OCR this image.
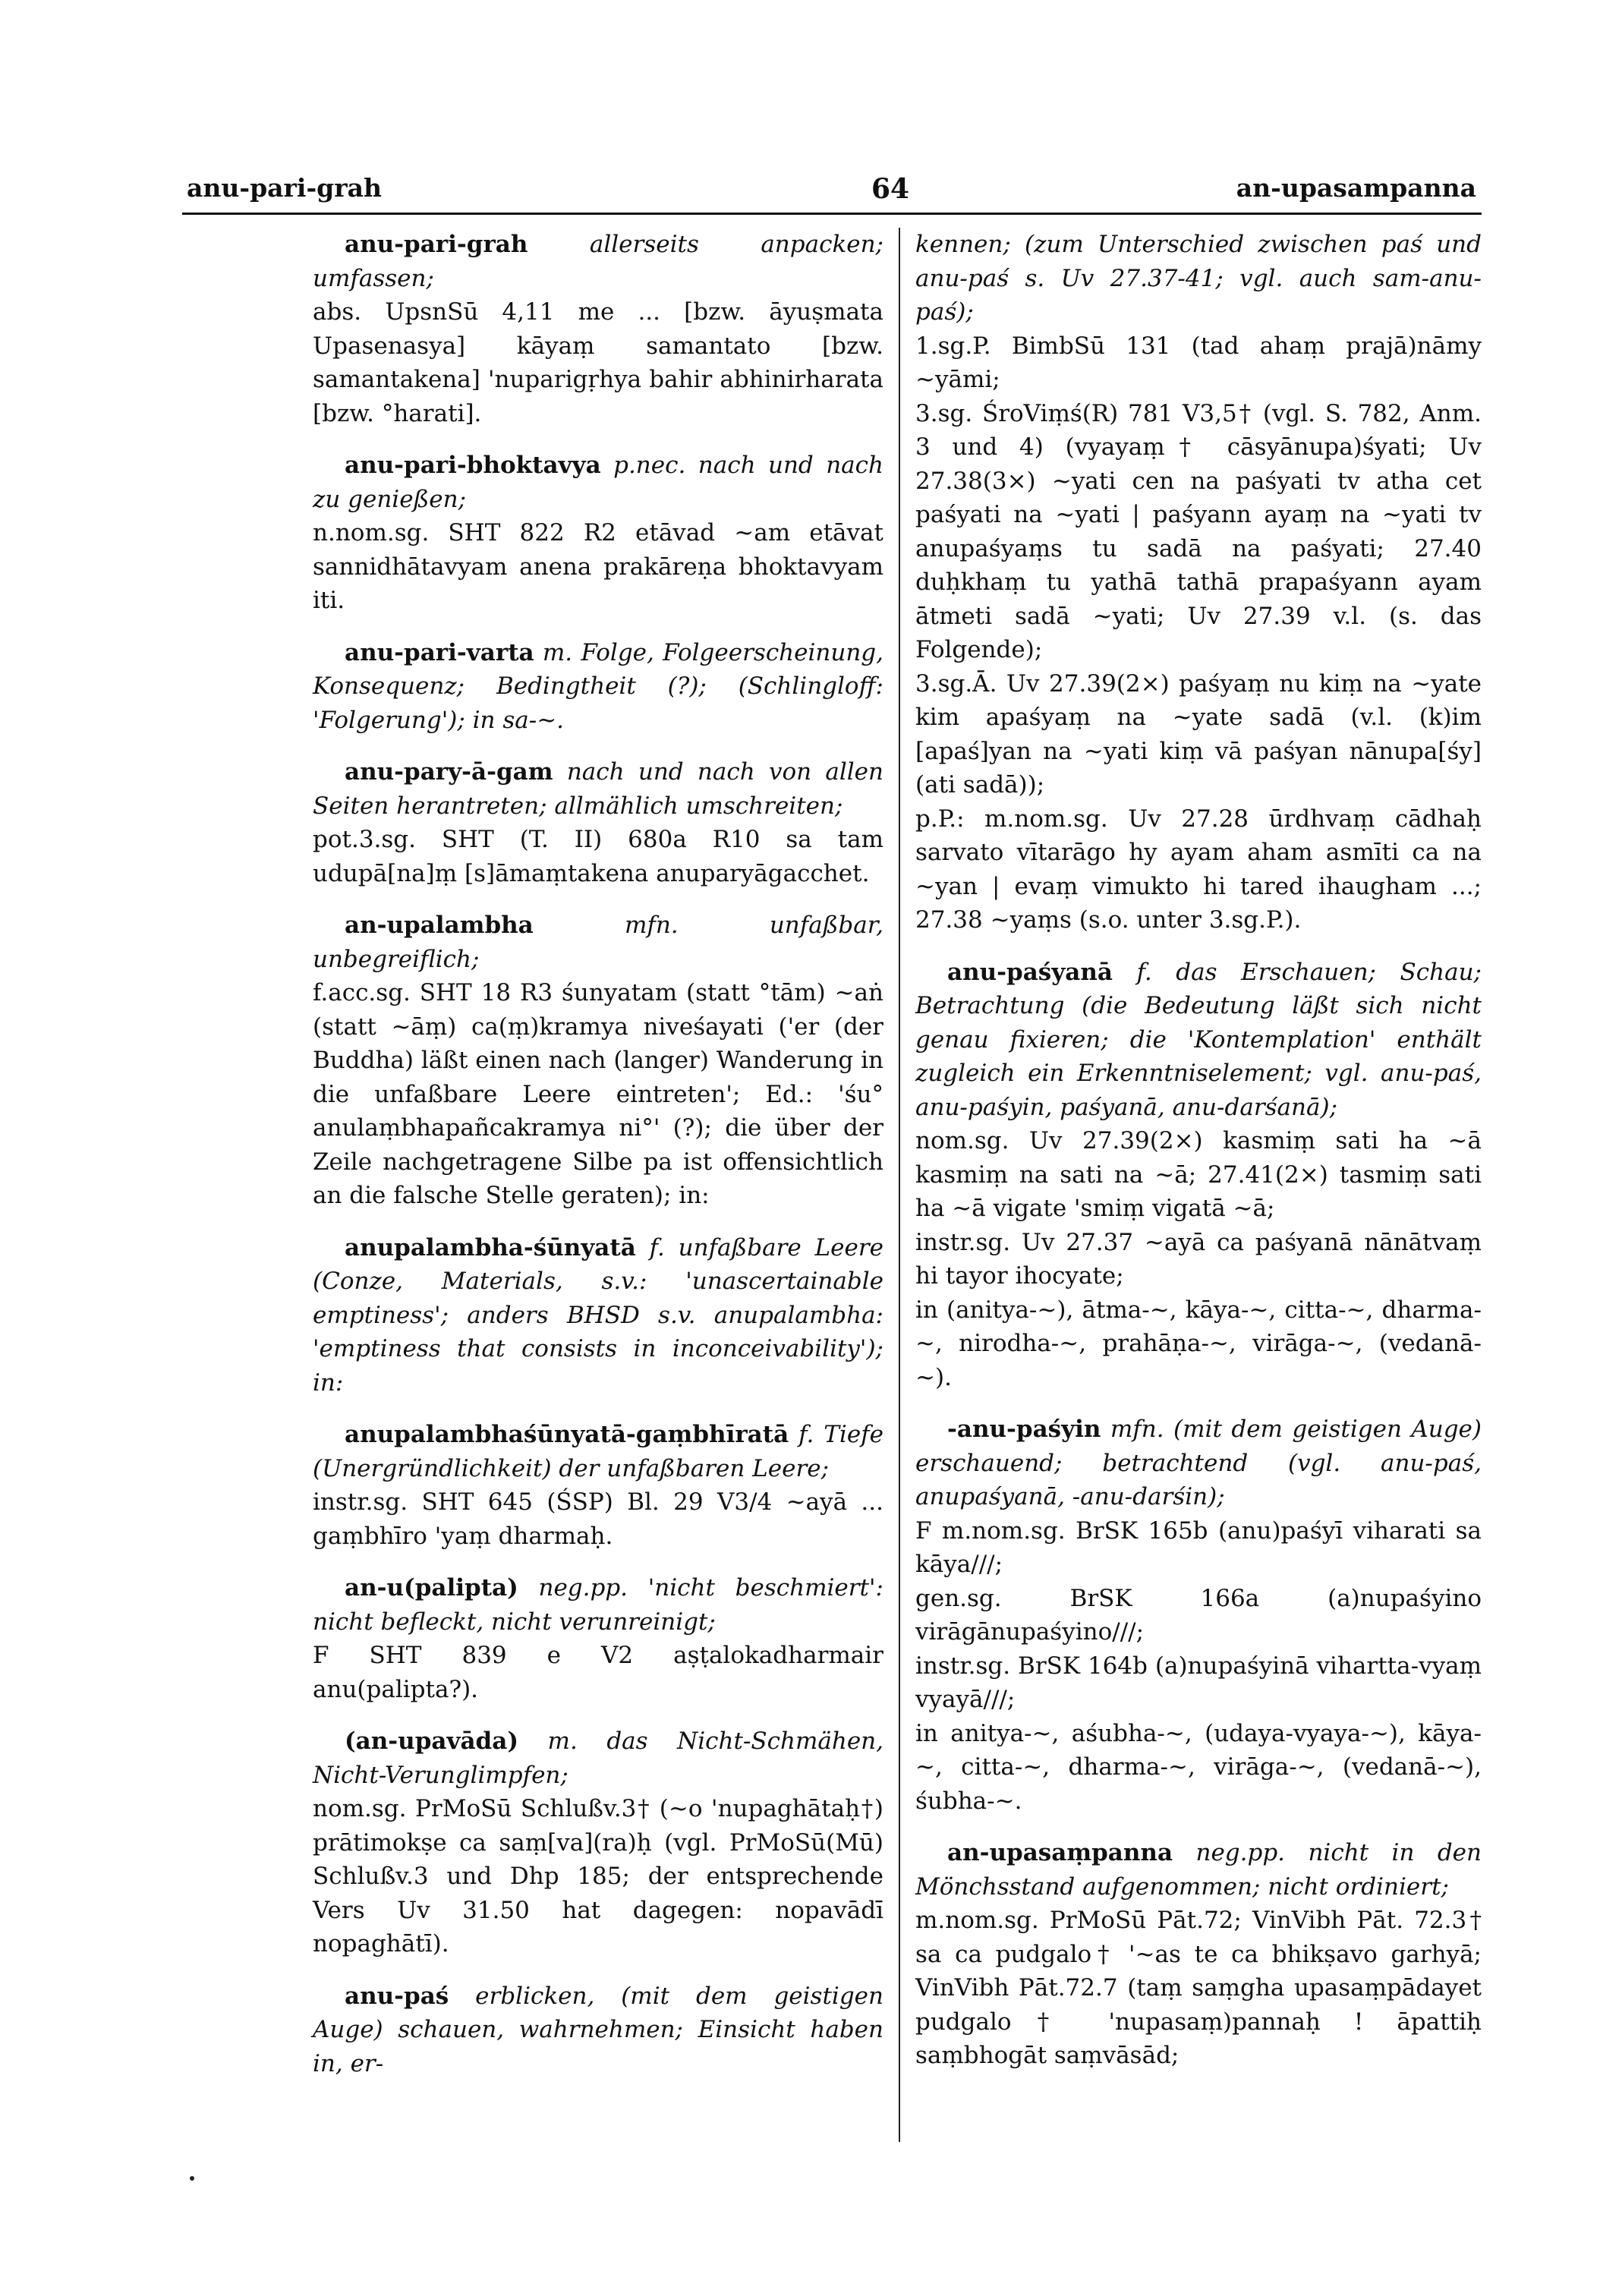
anu-pari-grah	64	an-upasampanna

anu-pari-grah	allerseits anpacken; umfassen;

abs. UpsnSū 4,11 me ... [bzw. āyuṣmata Upasenasya] kāyaṃ samantato [bzw. samantakena] 'nuparigṛhya bahir abhinirharata [bzw. °harati].

anu-pari-bhoktavya p.nec. nach und nach zu genießen;

n.nom.sg. SHT 822 R2 etāvad ~am etāvat sannidhātavyam anena prakāreṇa bhoktavyam iti.

anu-pari-varta m. Folge, Folgeerscheinung, Konsequenz; Bedingtheit (?); (Schlingloff: 'Folgerung'); in sa-~.

anu-pary-ā-gam nach und nach von allen Seiten herantreten; allmählich umschreiten;

pot.3.sg. SHT (T. II) 680a R10 sa tam udupā[na]ṃ [s]āmaṃtakena anuparyāgacchet.

an-upalambha	mfn. unfaßbar, unbegreiflich;

f.acc.sg. SHT 18 R3 śunyatam (statt °tām) ~aṅ (statt ~āṃ) ca(ṃ)kramya niveśayati ('er (der Buddha) läßt einen nach (langer) Wanderung in die unfaßbare Leere eintreten'; Ed.: 'śu° anulaṃbhapañcakramya ni°' (?); die über der Zeile nachgetragene Silbe pa ist offensichtlich an die falsche Stelle geraten); in:

anupalambha-śūnyatā f. unfaßbare Leere (Conze, Materials, s.v.: 'unascertainable emptiness'; anders BHSD s.v. anupalambha: 'emptiness that consists in inconceivability'); in:

anupalambhaśūnyatā-gaṃbhīratā f. Tiefe (Unergründlichkeit) der unfaßbaren Leere;

instr.sg. SHT 645 (ŚSP) Bl. 29 V3/4 ~ayā ... gaṃbhīro 'yaṃ dharmaḥ.

an-u(palipta) neg.pp. 'nicht beschmiert': nicht befleckt, nicht verunreinigt;

F SHT 839 e V2 aṣṭalokadharmair anu(palipta?).

(an-upavāda) m. das Nicht-Schmähen, Nicht-Verunglimpfen;

nom.sg. PrMoSū Schlußv.3† (~o 'nupaghātaḥ†) prātimokṣe ca saṃ[va](ra)ḥ (vgl. PrMoSū(Mū) Schlußv.3 und Dhp 185; der entsprechende Vers Uv 31.50 hat dagegen: nopavādī nopaghātī).

anu-paś erblicken, (mit dem geistigen Auge) schauen, wahrnehmen; Einsicht haben in, er-

kennen; (zum Unterschied zwischen paś und anu-paś s. Uv 27.37-41; vgl. auch sam-anu-paś);

1.sg.P. BimbSū 131 (tad ahaṃ prajā)nāmy ~yāmi;

3.sg. ŚroViṃś(R) 781 V3,5† (vgl. S. 782, Anm. 3 und 4) (vyayaṃ† cāsyānupa)śyati; Uv 27.38(3×) ~yati cen na paśyati tv atha cet paśyati na ~yati | paśyann ayaṃ na ~yati tv anupaśyaṃs tu sadā na paśyati; 27.40 duḥkhaṃ tu yathā tathā prapaśyann ayam ātmeti sadā ~yati; Uv 27.39 v.l. (s. das Folgende);

3.sg.Ā. Uv 27.39(2×) paśyaṃ nu kiṃ na ~yate kim apaśyaṃ na ~yate sadā (v.l. (k)im [apaś]yan na ~yati kiṃ vā paśyan nānupa[śy](ati sadā));

p.P.: m.nom.sg. Uv 27.28 ūrdhvaṃ cādhaḥ sarvato vītarāgo hy ayam aham asmīti ca na ~yan | evaṃ vimukto hi tared ihaugham ...; 27.38 ~yaṃs (s.o. unter 3.sg.P.).

anu-paśyanā f. das Erschauen; Schau; Betrachtung (die Bedeutung läßt sich nicht genau fixieren; die 'Kontemplation' enthält zugleich ein Erkenntniselement; vgl. anu-paś, anu-paśyin, paśyanā, anu-darśanā);

nom.sg. Uv 27.39(2×) kasmiṃ sati ha ~ā kasmiṃ na sati na ~ā; 27.41(2×) tasmiṃ sati ha ~ā vigate 'smiṃ vigatā ~ā;

instr.sg. Uv 27.37 ~ayā ca paśyanā nānātvaṃ hi tayor ihocyate;

in (anitya-~), ātma-~, kāya-~, citta-~, dharma-~, nirodha-~, prahāṇa-~, virāga-~, (vedanā-~).

-anu-paśyin mfn. (mit dem geistigen Auge) erschauend; betrachtend (vgl. anu-paś, anupaśyanā, -anu-darśin);

F m.nom.sg. BrSK 165b (anu)paśyī viharati sa kāya///;

gen.sg. BrSK 166a (a)nupaśyino virāgānupaśyino///;

instr.sg. BrSK 164b (a)nupaśyinā vihartta-vyaṃ vyayā///;

in anitya-~, aśubha-~, (udaya-vyaya-~), kāya-~, citta-~, dharma-~, virāga-~, (vedanā-~), śubha-~.

an-upasaṃpanna neg.pp. nicht in den Mönchsstand aufgenommen; nicht ordiniert;

m.nom.sg. PrMoSū Pāt.72; VinVibh Pāt. 72.3† sa ca pudgalo† '~as te ca bhikṣavo garhyā; VinVibh Pāt.72.7 (taṃ saṃgha upasaṃpādayet pudgalo† 'nupasaṃ)pannaḥ ! āpattiḥ saṃbhogāt saṃvāsād;
